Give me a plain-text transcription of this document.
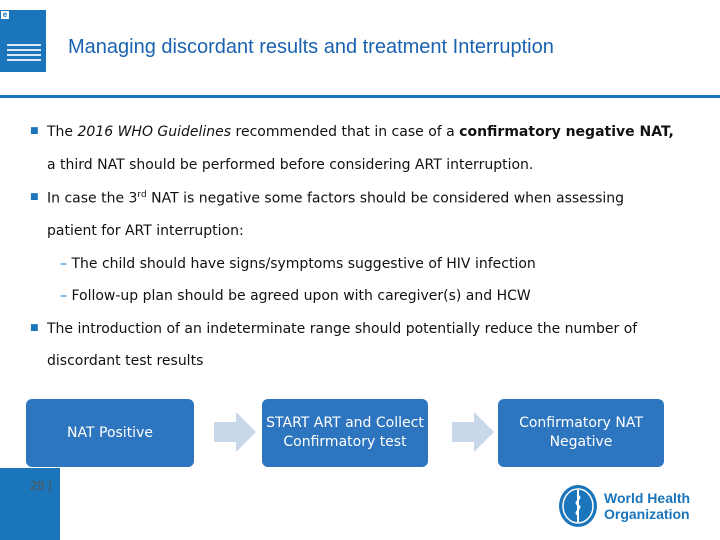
e
Managing discordant results and treatment Interruption
■ The 2016 WHO Guidelines recommended that in case of a confirmatory negative NAT,
a third NAT should be performed before considering ART interruption.
■ In case the 3rd NAT is negative some factors should be considered when assessing
patient for ART interruption:
– The child should have signs/symptoms suggestive of HIV infection
– Follow-up plan should be agreed upon with caregiver(s) and HCW
■ The introduction of an indeterminate range should potentially reduce the number of
discordant test results
NAT Positive
START ART and Collect Confirmatory test
Confirmatory NAT Negative
28 |
World Health
Organization
